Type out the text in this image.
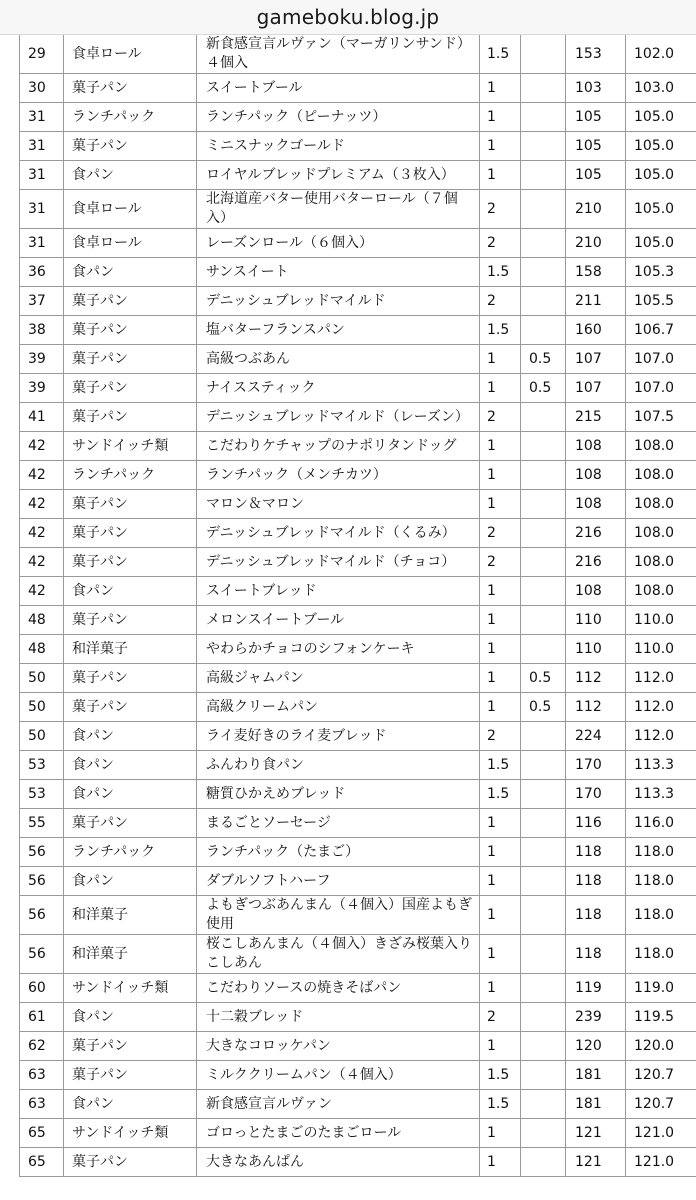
gameboku.blog.jp
29	食卓ロール	新食感宣言ルヴァン（マーガリンサンド）４個入	1.5		153	102.0
30	菓子パン	スイートブール	1		103	103.0
31	ランチパック	ランチパック（ピーナッツ）	1		105	105.0
31	菓子パン	ミニスナックゴールド	1		105	105.0
31	食パン	ロイヤルブレッドプレミアム（３枚入）	1		105	105.0
31	食卓ロール	北海道産バター使用バターロール（７個入）	2		210	105.0
31	食卓ロール	レーズンロール（６個入）	2		210	105.0
36	食パン	サンスイート	1.5		158	105.3
37	菓子パン	デニッシュブレッドマイルド	2		211	105.5
38	菓子パン	塩バターフランスパン	1.5		160	106.7
39	菓子パン	高級つぶあん	1	0.5	107	107.0
39	菓子パン	ナイススティック	1	0.5	107	107.0
41	菓子パン	デニッシュブレッドマイルド（レーズン）	2		215	107.5
42	サンドイッチ類	こだわりケチャップのナポリタンドッグ	1		108	108.0
42	ランチパック	ランチパック（メンチカツ）	1		108	108.0
42	菓子パン	マロン＆マロン	1		108	108.0
42	菓子パン	デニッシュブレッドマイルド（くるみ）	2		216	108.0
42	菓子パン	デニッシュブレッドマイルド（チョコ）	2		216	108.0
42	食パン	スイートブレッド	1		108	108.0
48	菓子パン	メロンスイートブール	1		110	110.0
48	和洋菓子	やわらかチョコのシフォンケーキ	1		110	110.0
50	菓子パン	高級ジャムパン	1	0.5	112	112.0
50	菓子パン	高級クリームパン	1	0.5	112	112.0
50	食パン	ライ麦好きのライ麦ブレッド	2		224	112.0
53	食パン	ふんわり食パン	1.5		170	113.3
53	食パン	糖質ひかえめブレッド	1.5		170	113.3
55	菓子パン	まるごとソーセージ	1		116	116.0
56	ランチパック	ランチパック（たまご）	1		118	118.0
56	食パン	ダブルソフトハーフ	1		118	118.0
56	和洋菓子	よもぎつぶあんまん（４個入）国産よもぎ使用	1		118	118.0
56	和洋菓子	桜こしあんまん（４個入）きざみ桜葉入りこしあん	1		118	118.0
60	サンドイッチ類	こだわりソースの焼きそばパン	1		119	119.0
61	食パン	十二穀ブレッド	2		239	119.5
62	菓子パン	大きなコロッケパン	1		120	120.0
63	菓子パン	ミルククリームパン（４個入）	1.5		181	120.7
63	食パン	新食感宣言ルヴァン	1.5		181	120.7
65	サンドイッチ類	ゴロっとたまごのたまごロール	1		121	121.0
65	菓子パン	大きなあんぱん	1		121	121.0
